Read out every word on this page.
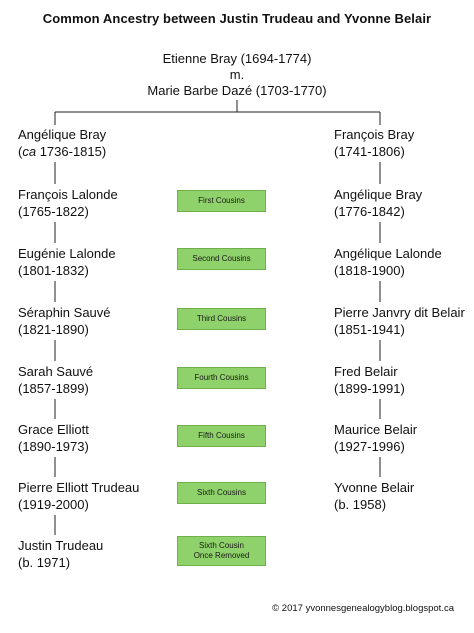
Common Ancestry between Justin Trudeau and Yvonne Belair
Etienne Bray (1694-1774)
m.
Marie Barbe Dazé (1703-1770)
Angélique Bray
(ca 1736-1815)
François Lalonde
(1765-1822)
Eugénie Lalonde
(1801-1832)
Séraphin Sauvé
(1821-1890)
Sarah Sauvé
(1857-1899)
Grace Elliott
(1890-1973)
Pierre Elliott Trudeau
(1919-2000)
Justin Trudeau
(b. 1971)
François Bray
(1741-1806)
Angélique Bray
(1776-1842)
Angélique Lalonde
(1818-1900)
Pierre Janvry dit Belair
(1851-1941)
Fred Belair
(1899-1991)
Maurice Belair
(1927-1996)
Yvonne Belair
(b. 1958)
First Cousins
Second Cousins
Third Cousins
Fourth Cousins
Fifth Cousins
Sixth Cousins
Sixth Cousin
Once Removed
© 2017 yvonnesgenealogyblog.blogspot.ca
